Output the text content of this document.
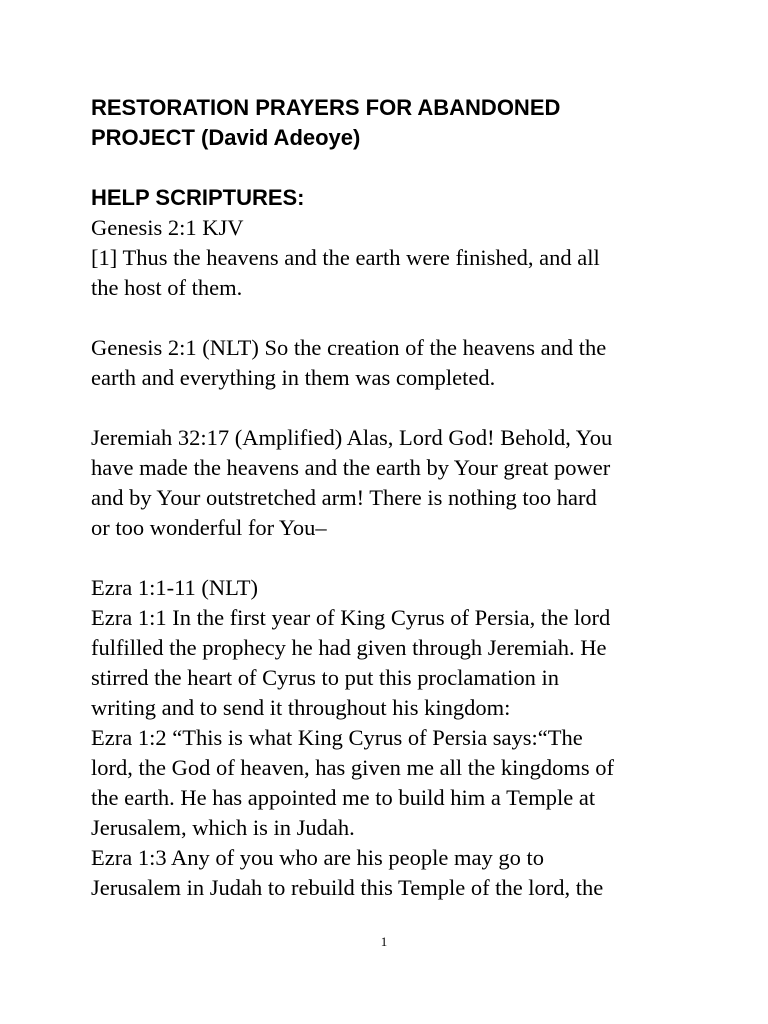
RESTORATION PRAYERS FOR ABANDONED

PROJECT (David Adeoye)

HELP SCRIPTURES:

Genesis 2:1 KJV

[1] Thus the heavens and the earth were finished, and all

the host of them.

Genesis 2:1 (NLT) So the creation of the heavens and the

earth and everything in them was completed.

Jeremiah 32:17 (Amplified) Alas, Lord God! Behold, You

have made the heavens and the earth by Your great power

and by Your outstretched arm! There is nothing too hard

or too wonderful for You–

Ezra 1:1-11 (NLT)

Ezra 1:1 In the first year of King Cyrus of Persia, the lord

fulfilled the prophecy he had given through Jeremiah. He

stirred the heart of Cyrus to put this proclamation in

writing and to send it throughout his kingdom:

Ezra 1:2 “This is what King Cyrus of Persia says:“The

lord, the God of heaven, has given me all the kingdoms of

the earth. He has appointed me to build him a Temple at

Jerusalem, which is in Judah.

Ezra 1:3 Any of you who are his people may go to

Jerusalem in Judah to rebuild this Temple of the lord, the

1
